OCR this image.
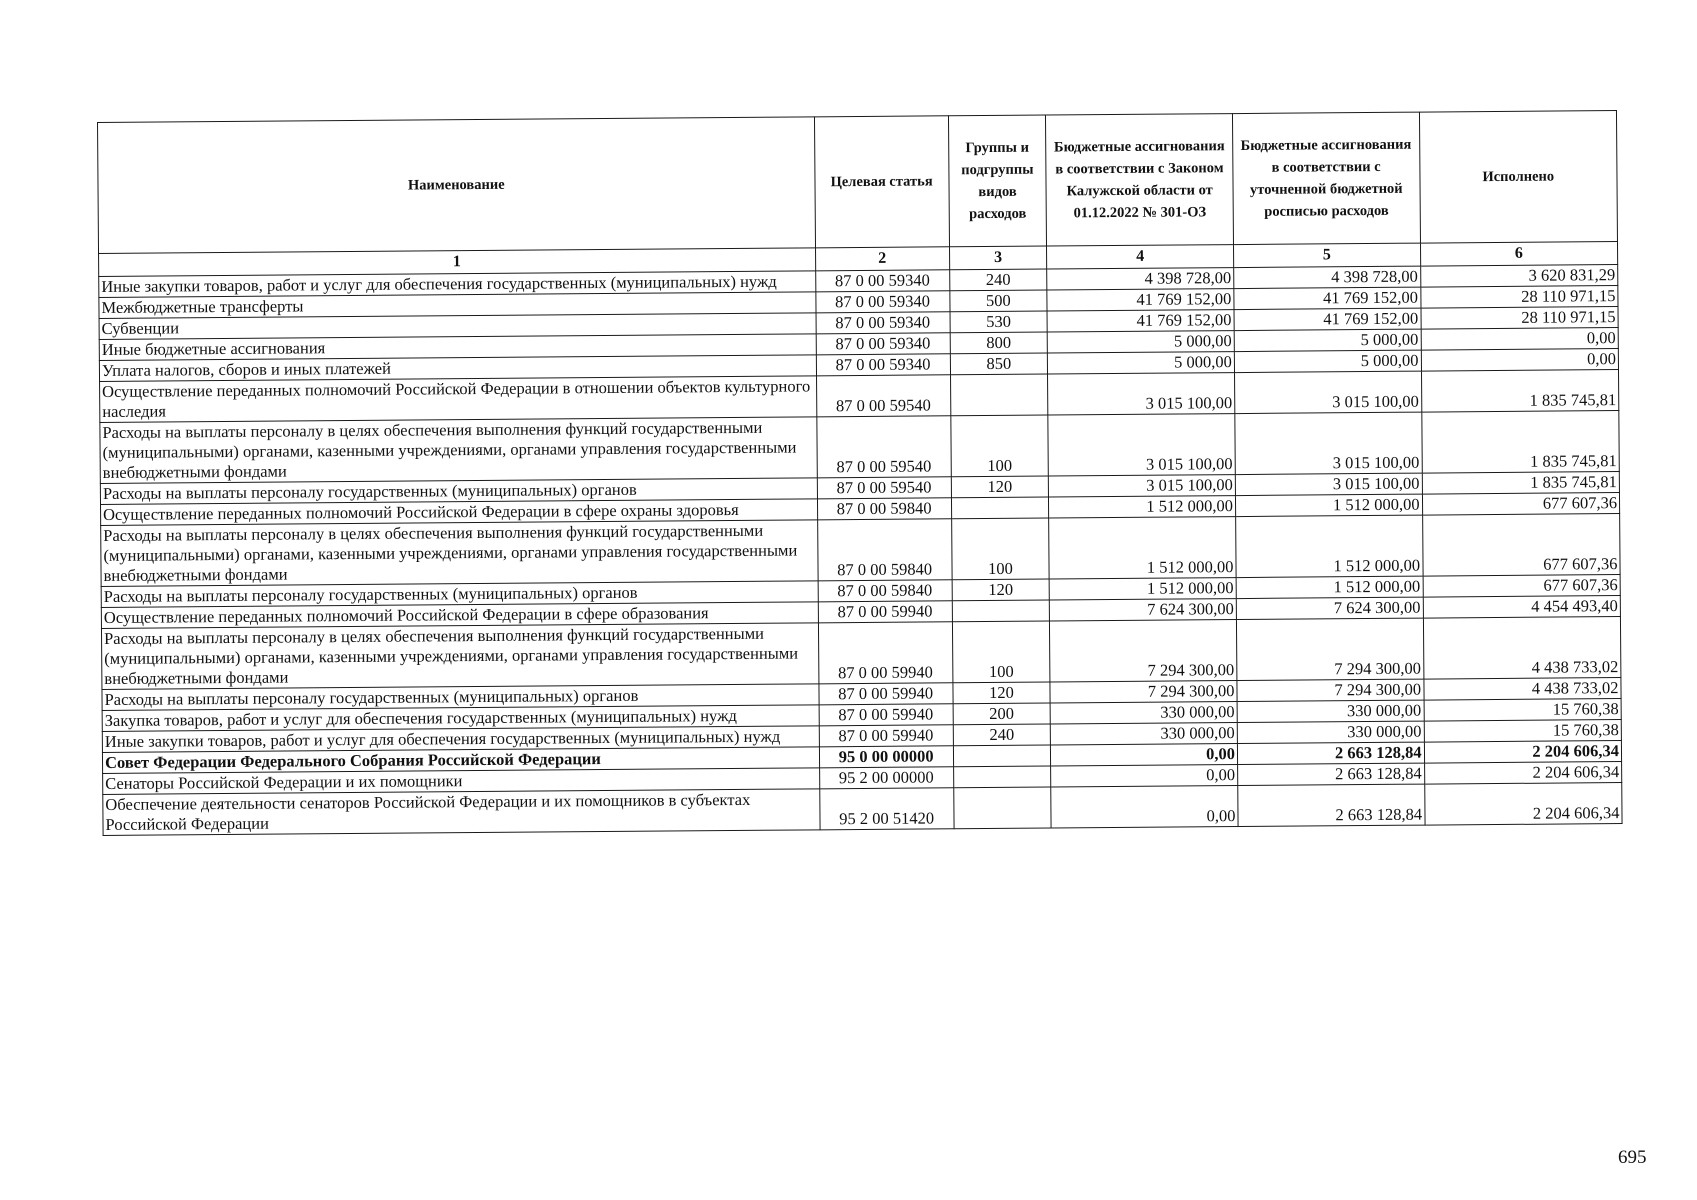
Наименование	Целевая статья	Группы и подгруппы видов расходов	Бюджетные ассигнования в соответствии с Законом Калужской области от 01.12.2022 № 301-ОЗ	Бюджетные ассигнования в соответствии с уточненной бюджетной росписью расходов	Исполнено
1	2	3	4	5	6
Иные закупки товаров, работ и услуг для обеспечения государственных (муниципальных) нужд	87 0 00 59340	240	4 398 728,00	4 398 728,00	3 620 831,29
Межбюджетные трансферты	87 0 00 59340	500	41 769 152,00	41 769 152,00	28 110 971,15
Субвенции	87 0 00 59340	530	41 769 152,00	41 769 152,00	28 110 971,15
Иные бюджетные ассигнования	87 0 00 59340	800	5 000,00	5 000,00	0,00
Уплата налогов, сборов и иных платежей	87 0 00 59340	850	5 000,00	5 000,00	0,00
Осуществление переданных полномочий Российской Федерации в отношении объектов культурного наследия	87 0 00 59540		3 015 100,00	3 015 100,00	1 835 745,81
Расходы на выплаты персоналу в целях обеспечения выполнения функций государственными (муниципальными) органами, казенными учреждениями, органами управления государственными внебюджетными фондами	87 0 00 59540	100	3 015 100,00	3 015 100,00	1 835 745,81
Расходы на выплаты персоналу государственных (муниципальных) органов	87 0 00 59540	120	3 015 100,00	3 015 100,00	1 835 745,81
Осуществление переданных полномочий Российской Федерации в сфере охраны здоровья	87 0 00 59840		1 512 000,00	1 512 000,00	677 607,36
Расходы на выплаты персоналу в целях обеспечения выполнения функций государственными (муниципальными) органами, казенными учреждениями, органами управления государственными внебюджетными фондами	87 0 00 59840	100	1 512 000,00	1 512 000,00	677 607,36
Расходы на выплаты персоналу государственных (муниципальных) органов	87 0 00 59840	120	1 512 000,00	1 512 000,00	677 607,36
Осуществление переданных полномочий Российской Федерации в сфере образования	87 0 00 59940		7 624 300,00	7 624 300,00	4 454 493,40
Расходы на выплаты персоналу в целях обеспечения выполнения функций государственными (муниципальными) органами, казенными учреждениями, органами управления государственными внебюджетными фондами	87 0 00 59940	100	7 294 300,00	7 294 300,00	4 438 733,02
Расходы на выплаты персоналу государственных (муниципальных) органов	87 0 00 59940	120	7 294 300,00	7 294 300,00	4 438 733,02
Закупка товаров, работ и услуг для обеспечения государственных (муниципальных) нужд	87 0 00 59940	200	330 000,00	330 000,00	15 760,38
Иные закупки товаров, работ и услуг для обеспечения государственных (муниципальных) нужд	87 0 00 59940	240	330 000,00	330 000,00	15 760,38
Совет Федерации Федерального Собрания Российской Федерации	95 0 00 00000		0,00	2 663 128,84	2 204 606,34
Сенаторы Российской Федерации и их помощники	95 2 00 00000		0,00	2 663 128,84	2 204 606,34
Обеспечение деятельности сенаторов Российской Федерации и их помощников в субъектах Российской Федерации	95 2 00 51420		0,00	2 663 128,84	2 204 606,34
695
